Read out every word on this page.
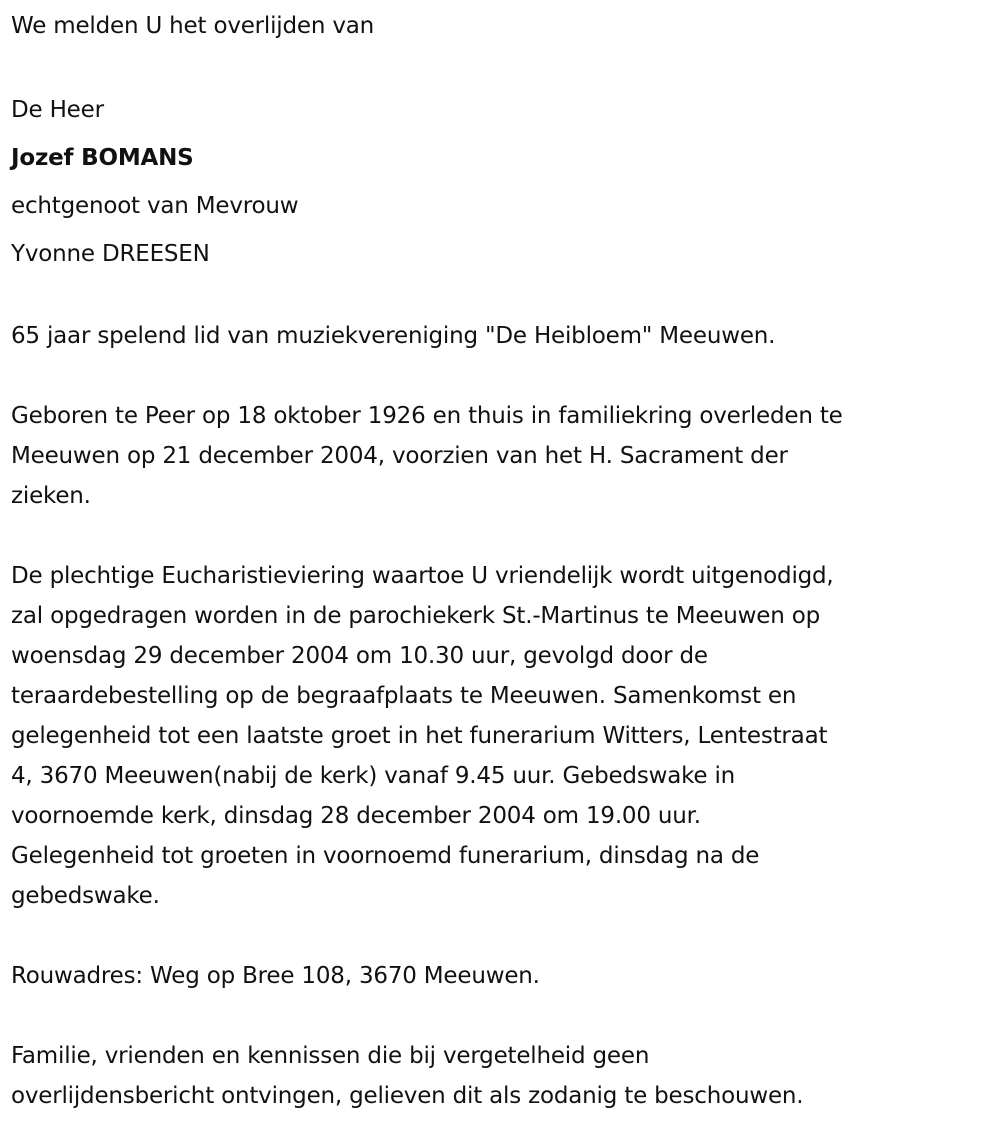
We melden U het overlijden van

De Heer

Jozef BOMANS

echtgenoot van Mevrouw

Yvonne DREESEN

65 jaar spelend lid van muziekvereniging "De Heibloem" Meeuwen.

Geboren te Peer op 18 oktober 1926 en thuis in familiekring overleden te

Meeuwen op 21 december 2004, voorzien van het H. Sacrament der

zieken.

De plechtige Eucharistieviering waartoe U vriendelijk wordt uitgenodigd,

zal opgedragen worden in de parochiekerk St.-Martinus te Meeuwen op

woensdag 29 december 2004 om 10.30 uur, gevolgd door de

teraardebestelling op de begraafplaats te Meeuwen. Samenkomst en

gelegenheid tot een laatste groet in het funerarium Witters, Lentestraat

4, 3670 Meeuwen(nabij de kerk) vanaf 9.45 uur. Gebedswake in

voornoemde kerk, dinsdag 28 december 2004 om 19.00 uur.

Gelegenheid tot groeten in voornoemd funerarium, dinsdag na de

gebedswake.

Rouwadres: Weg op Bree 108, 3670 Meeuwen.

Familie, vrienden en kennissen die bij vergetelheid geen

overlijdensbericht ontvingen, gelieven dit als zodanig te beschouwen.
